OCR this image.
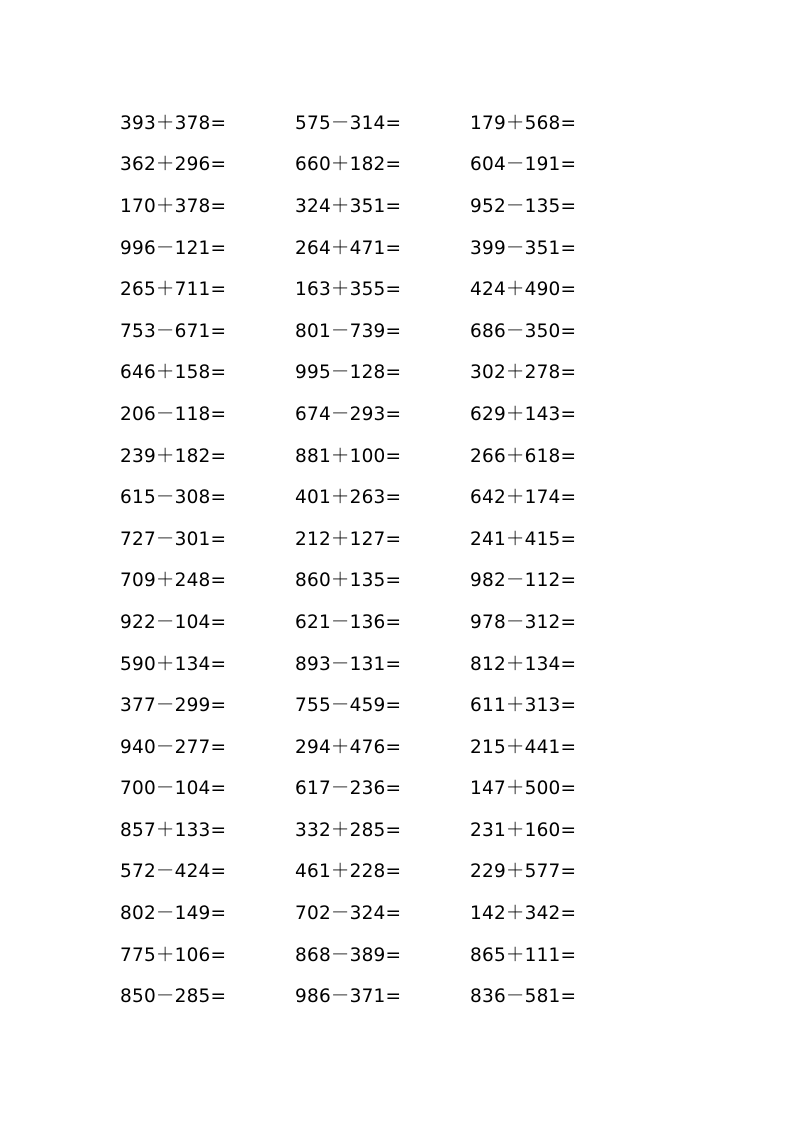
393＋378=	575－314=	179＋568=
362＋296=	660＋182=	604－191=
170＋378=	324＋351=	952－135=
996－121=	264＋471=	399－351=
265＋711=	163＋355=	424＋490=
753－671=	801－739=	686－350=
646＋158=	995－128=	302＋278=
206－118=	674－293=	629＋143=
239＋182=	881＋100=	266＋618=
615－308=	401＋263=	642＋174=
727－301=	212＋127=	241＋415=
709＋248=	860＋135=	982－112=
922－104=	621－136=	978－312=
590＋134=	893－131=	812＋134=
377－299=	755－459=	611＋313=
940－277=	294＋476=	215＋441=
700－104=	617－236=	147＋500=
857＋133=	332＋285=	231＋160=
572－424=	461＋228=	229＋577=
802－149=	702－324=	142＋342=
775＋106=	868－389=	865＋111=
850－285=	986－371=	836－581=
